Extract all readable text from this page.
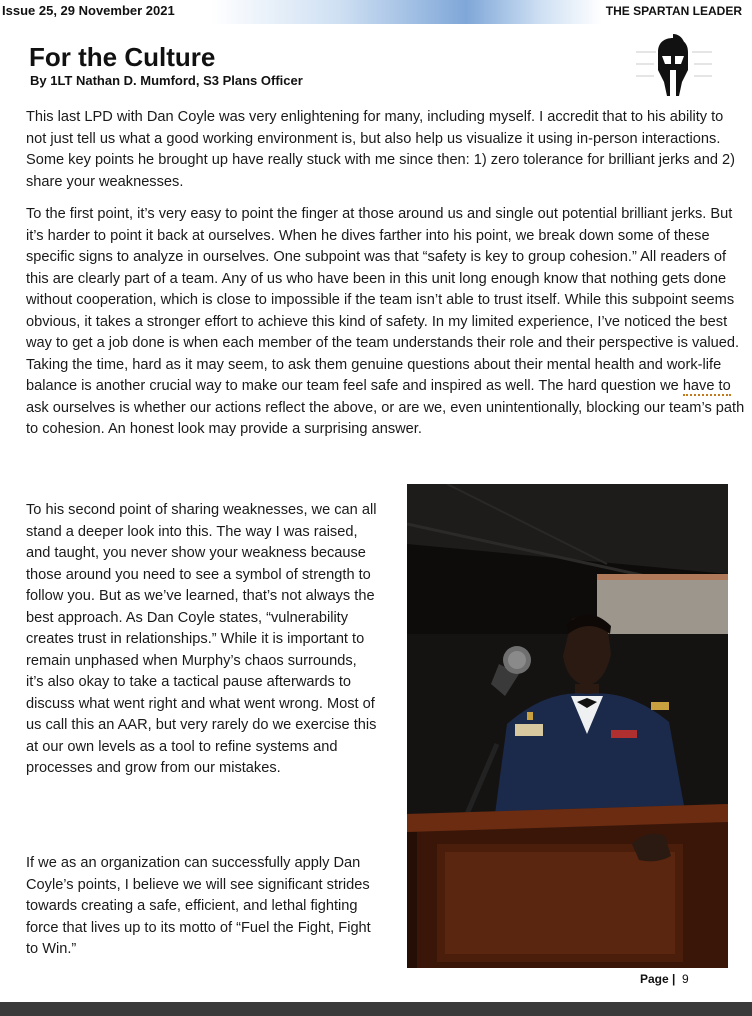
Issue 25, 29 November 2021	THE SPARTAN LEADER
For the Culture
By 1LT Nathan D. Mumford, S3 Plans Officer

This last LPD with Dan Coyle was very enlightening for many, including myself. I accredit that to his ability to not just tell us what a good working environment is, but also help us visualize it using in-person interactions. Some key points he brought up have really stuck with me since then: 1) zero tolerance for brilliant jerks and 2) share your weaknesses.

To the first point, it’s very easy to point the finger at those around us and single out potential brilliant jerks. But it’s harder to point it back at ourselves. When he dives farther into his point, we break down some of these specific signs to analyze in ourselves. One subpoint was that “safety is key to group cohesion.” All readers of this are clearly part of a team. Any of us who have been in this unit long enough know that nothing gets done without cooperation, which is close to impossible if the team isn’t able to trust itself. While this subpoint seems obvious, it takes a stronger effort to achieve this kind of safety. In my limited experience, I’ve noticed the best way to get a job done is when each member of the team understands their role and their perspective is valued. Taking the time, hard as it may seem, to ask them genuine questions about their mental health and work-life balance is another crucial way to make our team feel safe and inspired as well. The hard question we have to ask ourselves is whether our actions reflect the above, or are we, even unintentionally, blocking our team’s path to cohesion. An honest look may provide a surprising answer.

To his second point of sharing weaknesses, we can all stand a deeper look into this. The way I was raised, and taught, you never show your weakness because those around you need to see a symbol of strength to follow you. But as we’ve learned, that’s not always the best approach. As Dan Coyle states, “vulnerability creates trust in relationships.” While it is important to remain unphased when Murphy’s chaos surrounds, it’s also okay to take a tactical pause afterwards to discuss what went right and what went wrong. Most of us call this an AAR, but very rarely do we exercise this at our own levels as a tool to refine systems and processes and grow from our mistakes.

If we as an organization can successfully apply Dan Coyle’s points, I believe we will see significant strides towards creating a safe, efficient, and lethal fighting force that lives up to its motto of “Fuel the Fight, Fight to Win.”

Page | 9
